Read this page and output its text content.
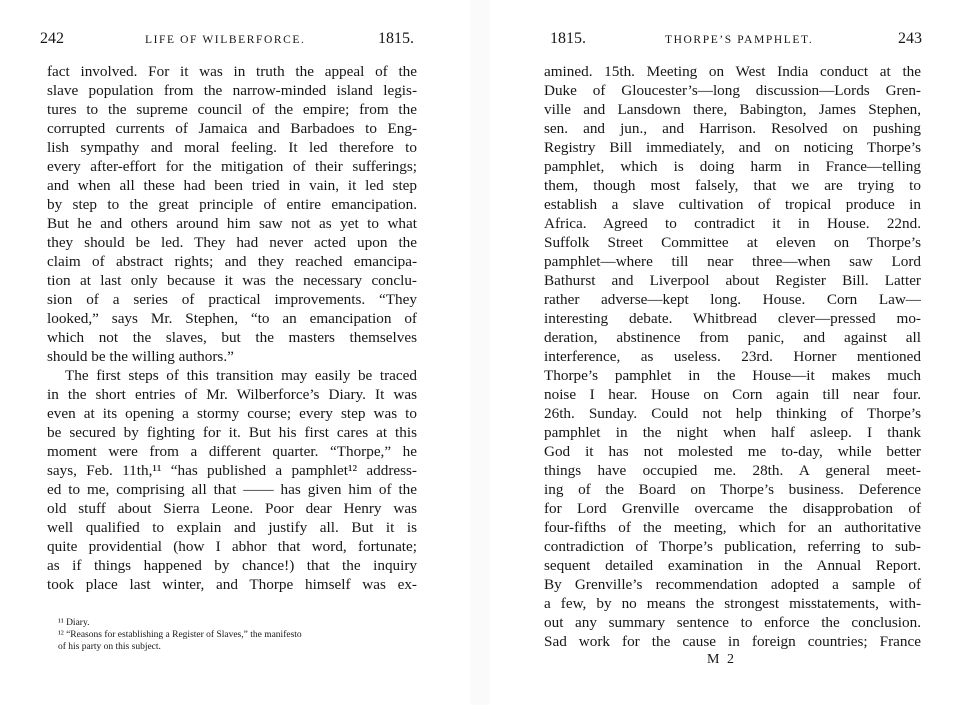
242	LIFE OF WILBERFORCE.	1815.
fact involved. For it was in truth the appeal of the
slave population from the narrow-minded island legis-
tures to the supreme council of the empire; from the
corrupted currents of Jamaica and Barbadoes to Eng-
lish sympathy and moral feeling. It led therefore to
every after-effort for the mitigation of their sufferings;
and when all these had been tried in vain, it led step
by step to the great principle of entire emancipation.
But he and others around him saw not as yet to what
they should be led. They had never acted upon the
claim of abstract rights; and they reached emancipa-
tion at last only because it was the necessary conclu-
sion of a series of practical improvements. “They
looked,” says Mr. Stephen, “to an emancipation of
which not the slaves, but the masters themselves
should be the willing authors.”
The first steps of this transition may easily be traced
in the short entries of Mr. Wilberforce’s Diary. It was
even at its opening a stormy course; every step was to
be secured by fighting for it. But his first cares at this
moment were from a different quarter. “Thorpe,” he
says, Feb. 11th,¹¹ “has published a pamphlet¹² address-
ed to me, comprising all that —— has given him of the
old stuff about Sierra Leone. Poor dear Henry was
well qualified to explain and justify all. But it is
quite providential (how I abhor that word, fortunate;
as if things happened by chance!) that the inquiry
took place last winter, and Thorpe himself was ex-
¹¹ Diary.
¹² “Reasons for establishing a Register of Slaves,” the manifesto
of his party on this subject.
1815.	THORPE’S PAMPHLET.	243
amined. 15th. Meeting on West India conduct at the
Duke of Gloucester’s—long discussion—Lords Gren-
ville and Lansdown there, Babington, James Stephen,
sen. and jun., and Harrison. Resolved on pushing
Registry Bill immediately, and on noticing Thorpe’s
pamphlet, which is doing harm in France—telling
them, though most falsely, that we are trying to
establish a slave cultivation of tropical produce in
Africa. Agreed to contradict it in House. 22nd.
Suffolk Street Committee at eleven on Thorpe’s
pamphlet—where till near three—when saw Lord
Bathurst and Liverpool about Register Bill. Latter
rather adverse—kept long. House. Corn Law—
interesting debate. Whitbread clever—pressed mo-
deration, abstinence from panic, and against all
interference, as useless. 23rd. Horner mentioned
Thorpe’s pamphlet in the House—it makes much
noise I hear. House on Corn again till near four.
26th. Sunday. Could not help thinking of Thorpe’s
pamphlet in the night when half asleep. I thank
God it has not molested me to-day, while better
things have occupied me. 28th. A general meet-
ing of the Board on Thorpe’s business. Deference
for Lord Grenville overcame the disapprobation of
four-fifths of the meeting, which for an authoritative
contradiction of Thorpe’s publication, referring to sub-
sequent detailed examination in the Annual Report.
By Grenville’s recommendation adopted a sample of
a few, by no means the strongest misstatements, with-
out any summary sentence to enforce the conclusion.
Sad work for the cause in foreign countries; France
M 2
